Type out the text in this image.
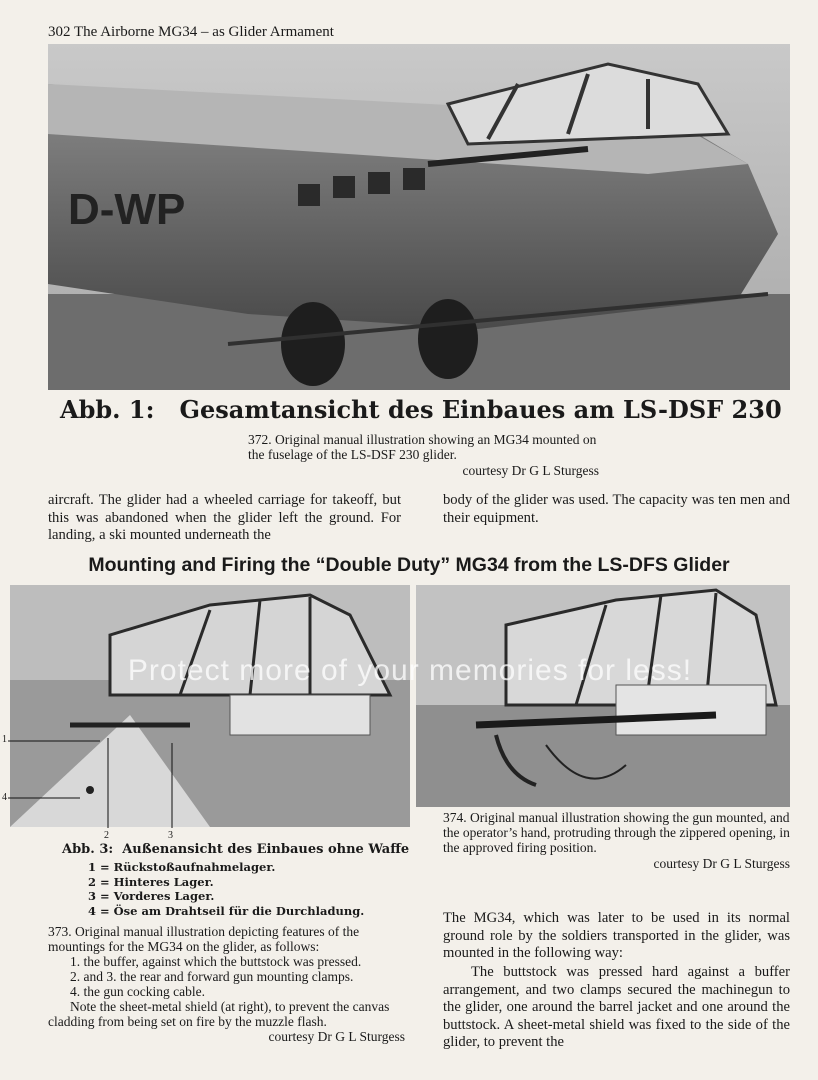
302 The Airborne MG34 – as Glider Armament
D-WP
Abb. 1:   Gesamtansicht des Einbaues am LS-DSF 230
372. Original manual illustration showing an MG34 mounted on the fuselage of the LS-DSF 230 glider.
courtesy Dr G L Sturgess
aircraft. The glider had a wheeled carriage for takeoff, but this was abandoned when the glider left the ground. For landing, a ski mounted underneath the
body of the glider was used. The capacity was ten men and their equipment.
Mounting and Firing the “Double Duty” MG34 from the LS-DFS Glider
1
4
2	3
Abb. 3:  Außenansicht des Einbaues ohne Waffe
1 = Rückstoßaufnahmelager.
2 = Hinteres Lager.
3 = Vorderes Lager.
4 = Öse am Drahtseil für die Durchladung.
373. Original manual illustration depicting features of the mountings for the MG34 on the glider, as follows:
1. the buffer, against which the buttstock was pressed.
2. and 3. the rear and forward gun mounting clamps.
4. the gun cocking cable.
Note the sheet-metal shield (at right), to prevent the canvas cladding from being set on fire by the muzzle flash.
courtesy Dr G L Sturgess
374. Original manual illustration showing the gun mounted, and the operator’s hand, protruding through the zippered opening, in the approved firing position.
courtesy Dr G L Sturgess
The MG34, which was later to be used in its normal ground role by the soldiers transported in the glider, was mounted in the following way:
The buttstock was pressed hard against a buffer arrangement, and two clamps secured the machinegun to the glider, one around the barrel jacket and one around the buttstock. A sheet-metal shield was fixed to the side of the glider, to prevent the
Protect more of your memories for less!
